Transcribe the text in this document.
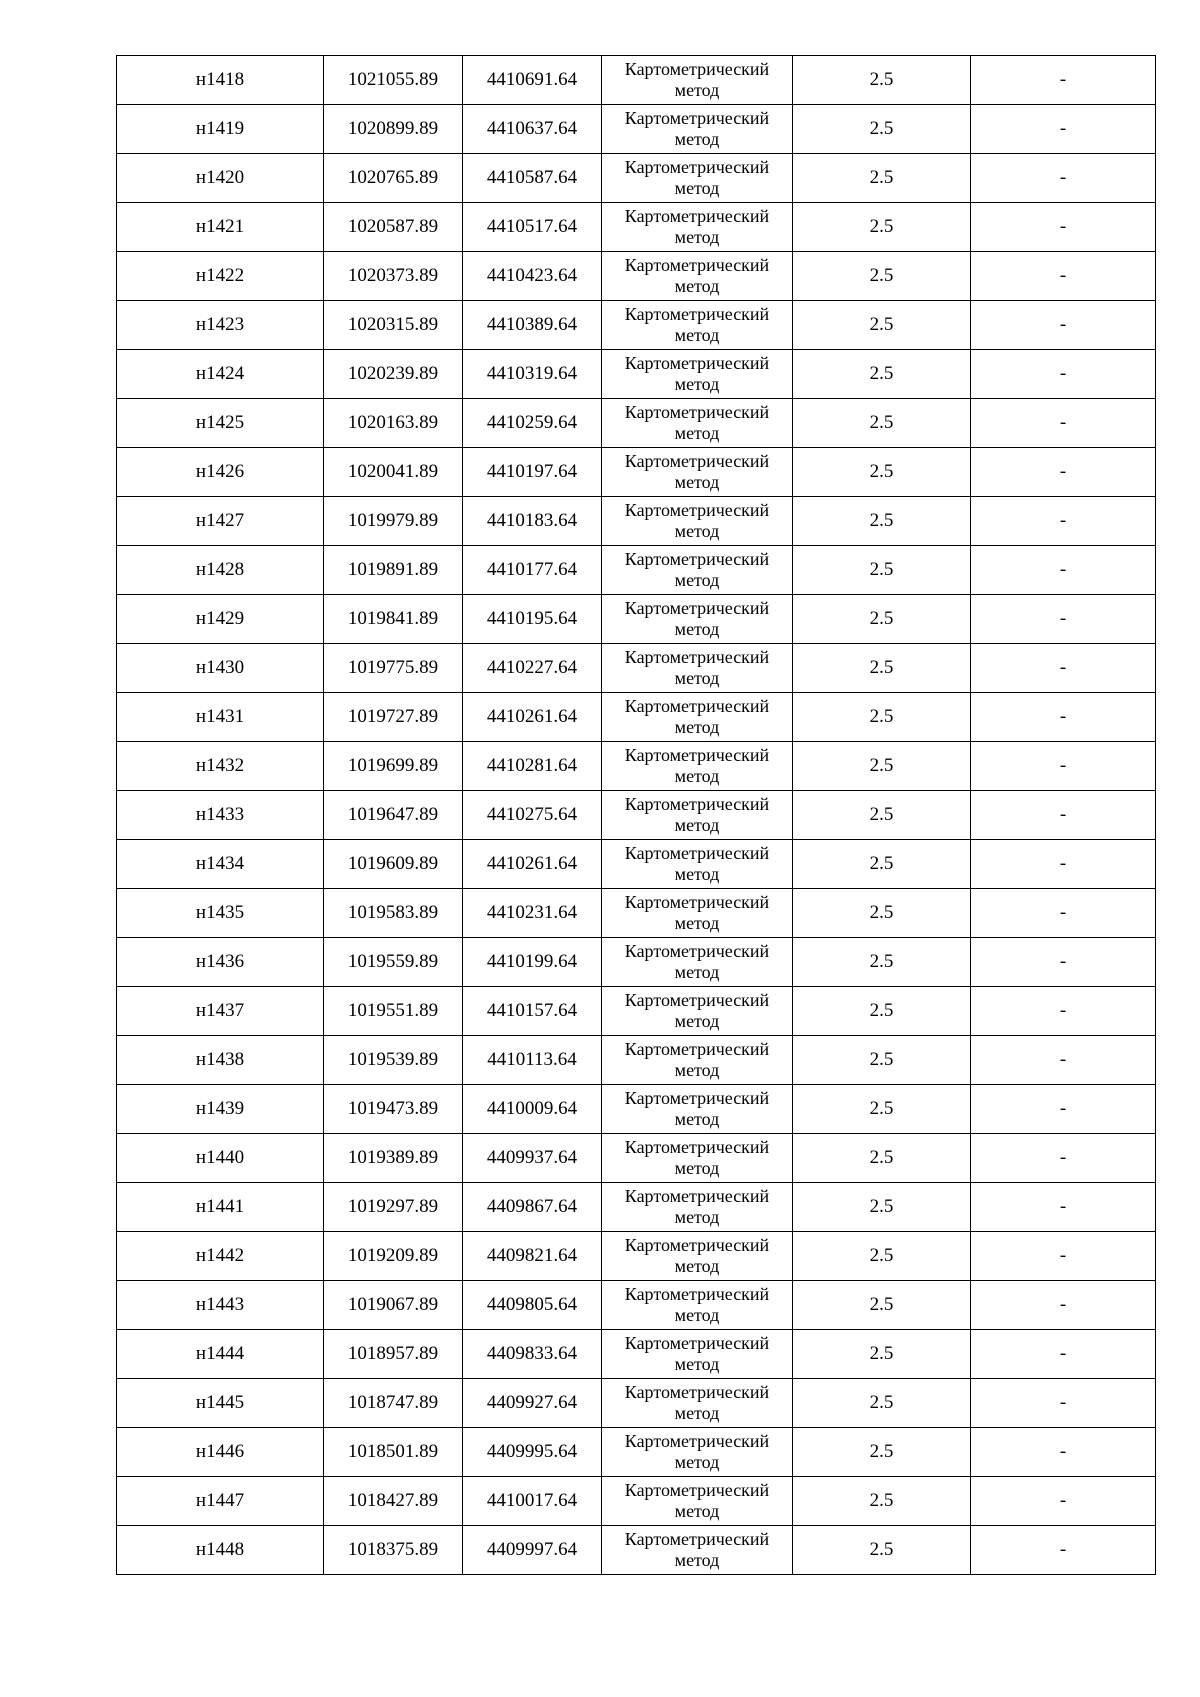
н1418	1021055.89	4410691.64	Картометрический метод	2.5	-
н1419	1020899.89	4410637.64	Картометрический метод	2.5	-
н1420	1020765.89	4410587.64	Картометрический метод	2.5	-
н1421	1020587.89	4410517.64	Картометрический метод	2.5	-
н1422	1020373.89	4410423.64	Картометрический метод	2.5	-
н1423	1020315.89	4410389.64	Картометрический метод	2.5	-
н1424	1020239.89	4410319.64	Картометрический метод	2.5	-
н1425	1020163.89	4410259.64	Картометрический метод	2.5	-
н1426	1020041.89	4410197.64	Картометрический метод	2.5	-
н1427	1019979.89	4410183.64	Картометрический метод	2.5	-
н1428	1019891.89	4410177.64	Картометрический метод	2.5	-
н1429	1019841.89	4410195.64	Картометрический метод	2.5	-
н1430	1019775.89	4410227.64	Картометрический метод	2.5	-
н1431	1019727.89	4410261.64	Картометрический метод	2.5	-
н1432	1019699.89	4410281.64	Картометрический метод	2.5	-
н1433	1019647.89	4410275.64	Картометрический метод	2.5	-
н1434	1019609.89	4410261.64	Картометрический метод	2.5	-
н1435	1019583.89	4410231.64	Картометрический метод	2.5	-
н1436	1019559.89	4410199.64	Картометрический метод	2.5	-
н1437	1019551.89	4410157.64	Картометрический метод	2.5	-
н1438	1019539.89	4410113.64	Картометрический метод	2.5	-
н1439	1019473.89	4410009.64	Картометрический метод	2.5	-
н1440	1019389.89	4409937.64	Картометрический метод	2.5	-
н1441	1019297.89	4409867.64	Картометрический метод	2.5	-
н1442	1019209.89	4409821.64	Картометрический метод	2.5	-
н1443	1019067.89	4409805.64	Картометрический метод	2.5	-
н1444	1018957.89	4409833.64	Картометрический метод	2.5	-
н1445	1018747.89	4409927.64	Картометрический метод	2.5	-
н1446	1018501.89	4409995.64	Картометрический метод	2.5	-
н1447	1018427.89	4410017.64	Картометрический метод	2.5	-
н1448	1018375.89	4409997.64	Картометрический метод	2.5	-
